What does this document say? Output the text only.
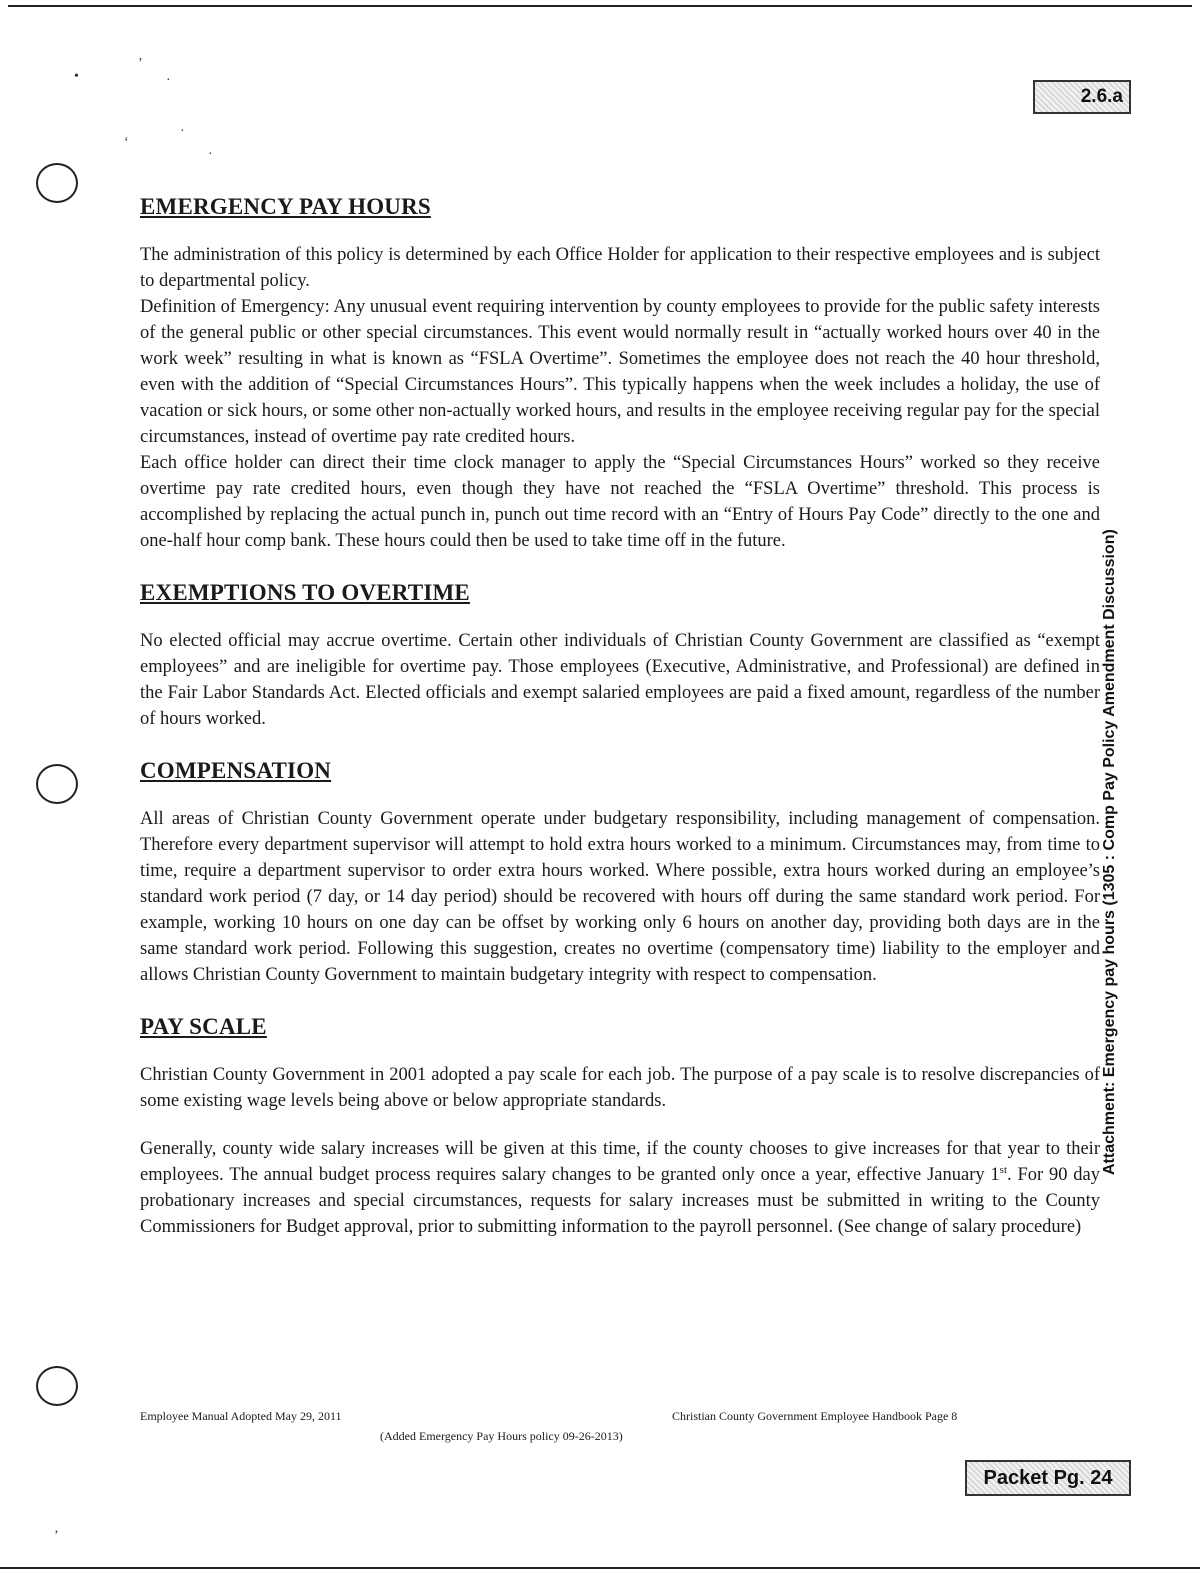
•
’
·
‘
·
·
‚
2.6.a
Attachment: Emergency pay hours (1305 : Comp Pay Policy Amendment Discussion)
EMERGENCY PAY HOURS

The administration of this policy is determined by each Office Holder for application to their respective employees and is subject to departmental policy.

Definition of Emergency: Any unusual event requiring intervention by county employees to provide for the public safety interests of the general public or other special circumstances. This event would normally result in “actually worked hours over 40 in the work week” resulting in what is known as “FSLA Overtime”. Sometimes the employee does not reach the 40 hour threshold, even with the addition of “Special Circumstances Hours”. This typically happens when the week includes a holiday, the use of vacation or sick hours, or some other non-actually worked hours, and results in the employee receiving regular pay for the special circumstances, instead of overtime pay rate credited hours.

Each office holder can direct their time clock manager to apply the “Special Circumstances Hours” worked so they receive overtime pay rate credited hours, even though they have not reached the “FSLA Overtime” threshold. This process is accomplished by replacing the actual punch in, punch out time record with an “Entry of Hours Pay Code” directly to the one and one-half hour comp bank. These hours could then be used to take time off in the future.

EXEMPTIONS TO OVERTIME

No elected official may accrue overtime. Certain other individuals of Christian County Government are classified as “exempt employees” and are ineligible for overtime pay. Those employees (Executive, Administrative, and Professional) are defined in the Fair Labor Standards Act. Elected officials and exempt salaried employees are paid a fixed amount, regardless of the number of hours worked.

COMPENSATION

All areas of Christian County Government operate under budgetary responsibility, including management of compensation. Therefore every department supervisor will attempt to hold extra hours worked to a minimum. Circumstances may, from time to time, require a department supervisor to order extra hours worked. Where possible, extra hours worked during an employee’s standard work period (7 day, or 14 day period) should be recovered with hours off during the same standard work period. For example, working 10 hours on one day can be offset by working only 6 hours on another day, providing both days are in the same standard work period. Following this suggestion, creates no overtime (compensatory time) liability to the employer and allows Christian County Government to maintain budgetary integrity with respect to compensation.

PAY SCALE

Christian County Government in 2001 adopted a pay scale for each job. The purpose of a pay scale is to resolve discrepancies of some existing wage levels being above or below appropriate standards.

Generally, county wide salary increases will be given at this time, if the county chooses to give increases for that year to their employees. The annual budget process requires salary changes to be granted only once a year, effective January 1st. For 90 day probationary increases and special circumstances, requests for salary increases must be submitted in writing to the County Commissioners for Budget approval, prior to submitting information to the payroll personnel. (See change of salary procedure)

Employee Manual Adopted May 29, 2011	Christian County Government Employee Handbook Page 8
(Added Emergency Pay Hours policy 09-26-2013)
Packet Pg. 24
